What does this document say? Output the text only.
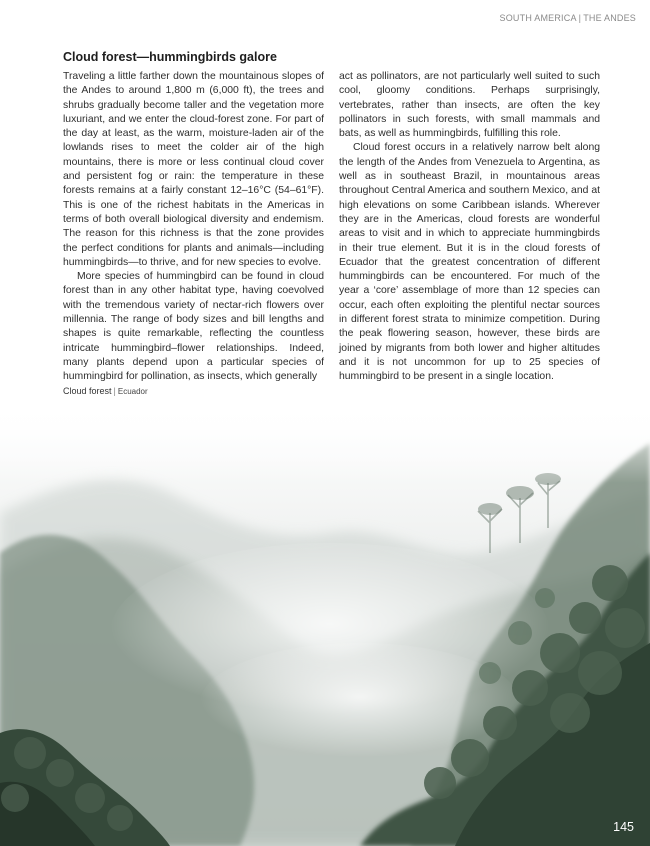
SOUTH AMERICA | THE ANDES
Cloud forest—hummingbirds galore

Traveling a little farther down the mountainous slopes of the Andes to around 1,800 m (6,000 ft), the trees and shrubs gradually become taller and the vegetation more luxuriant, and we enter the cloud-forest zone. For part of the day at least, as the warm, moisture-laden air of the lowlands rises to meet the colder air of the high mountains, there is more or less continual cloud cover and persistent fog or rain: the temperature in these forests remains at a fairly constant 12–16°C (54–61°F). This is one of the richest habitats in the Americas in terms of both overall biological diversity and endemism. The reason for this richness is that the zone provides the perfect conditions for plants and animals—including hummingbirds—to thrive, and for new species to evolve.

More species of hummingbird can be found in cloud forest than in any other habitat type, having coevolved with the tremendous variety of nectar-rich flowers over millennia. The range of body sizes and bill lengths and shapes is quite remarkable, reflecting the countless intricate hummingbird–flower relationships. Indeed, many plants depend upon a particular species of hummingbird for pollination, as insects, which generally

act as pollinators, are not particularly well suited to such cool, gloomy conditions. Perhaps surprisingly, vertebrates, rather than insects, are often the key pollinators in such forests, with small mammals and bats, as well as hummingbirds, fulfilling this role.

Cloud forest occurs in a relatively narrow belt along the length of the Andes from Venezuela to Argentina, as well as in southeast Brazil, in mountainous areas throughout Central America and southern Mexico, and at high elevations on some Caribbean islands. Wherever they are in the Americas, cloud forests are wonderful areas to visit and in which to appreciate hummingbirds in their true element. But it is in the cloud forests of Ecuador that the greatest concentration of different hummingbirds can be encountered. For much of the year a ‘core’ assemblage of more than 12 species can occur, each often exploiting the plentiful nectar sources in different forest strata to minimize competition. During the peak flowering season, however, these birds are joined by migrants from both lower and higher altitudes and it is not uncommon for up to 25 species of hummingbird to be present in a single location.

Cloud forest | Ecuador
145
